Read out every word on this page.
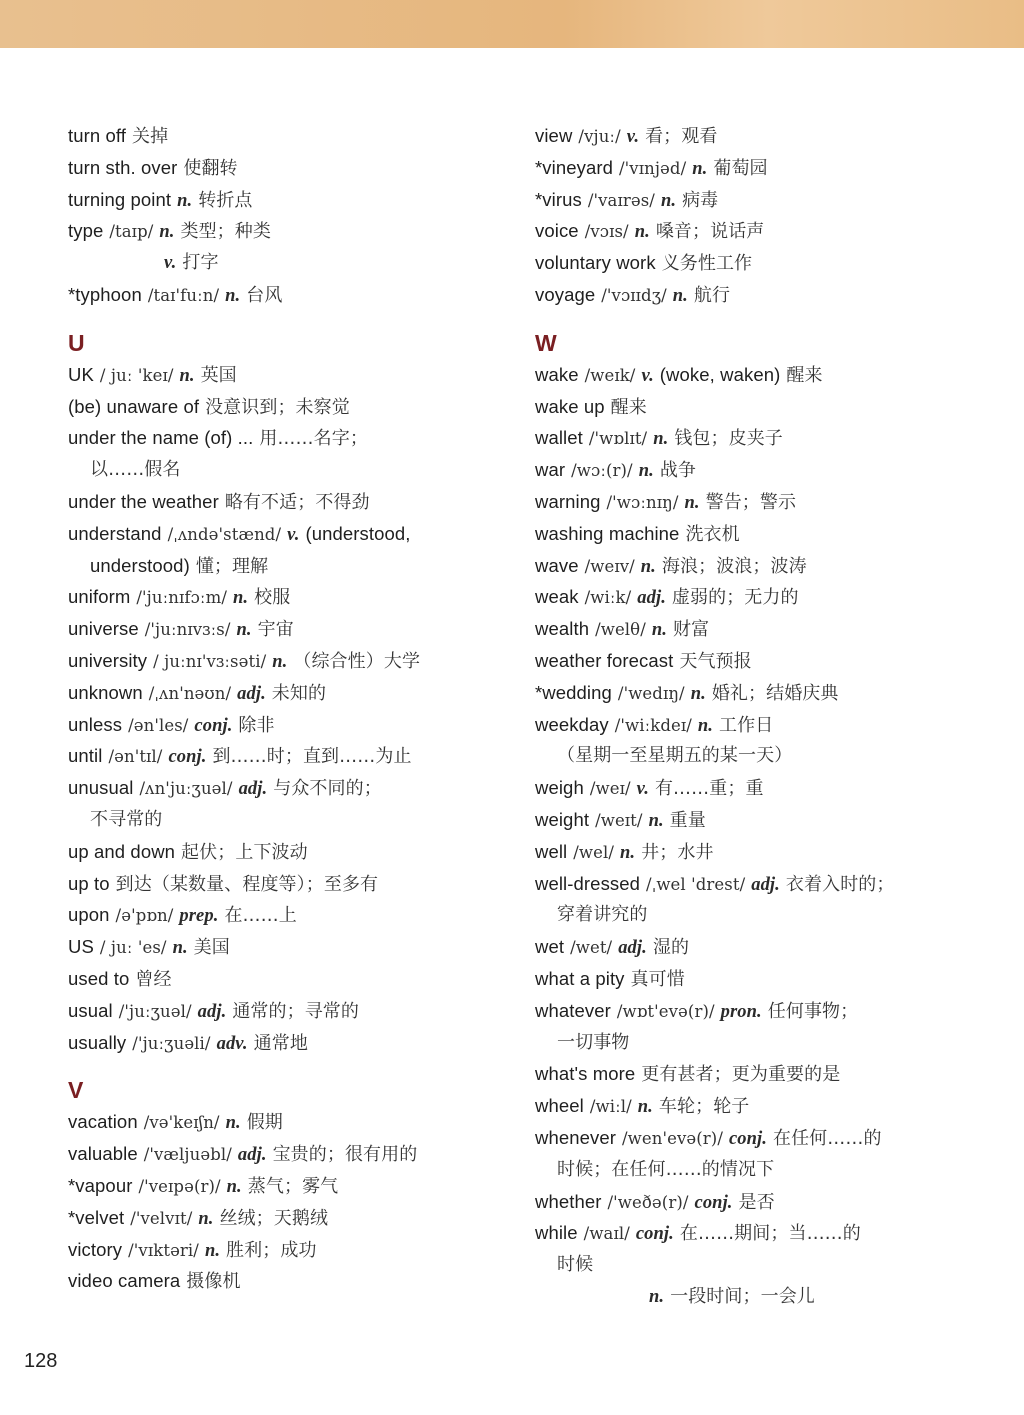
turn off 关掉
turn sth. over 使翻转
turning point n. 转折点
type /taɪp/ n. 类型；种类
v. 打字
*typhoon /taɪ'fuːn/ n. 台风
U
UK / juː 'keɪ/ n. 英国
(be) unaware of 没意识到；未察觉
under the name (of) ... 用……名字；
以……假名
under the weather 略有不适；不得劲
understand /ˌʌndə'stænd/ v. (understood,
understood) 懂；理解
uniform /'juːnɪfɔːm/ n. 校服
universe /'juːnɪvɜːs/ n. 宇宙
university / juːnɪ'vɜːsəti/ n. （综合性）大学
unknown /ˌʌn'nəʊn/ adj. 未知的
unless /ən'les/ conj. 除非
until /ən'tɪl/ conj. 到……时；直到……为止
unusual /ʌn'juːʒuəl/ adj. 与众不同的；
不寻常的
up and down 起伏；上下波动
up to 到达（某数量、程度等）；至多有
upon /ə'pɒn/ prep. 在……上
US / juː 'es/ n. 美国
used to 曾经
usual /'juːʒuəl/ adj. 通常的；寻常的
usually /'juːʒuəli/ adv. 通常地
V
vacation /və'keɪʃn/ n. 假期
valuable /'væljuəbl/ adj. 宝贵的；很有用的
*vapour /'veɪpə(r)/ n. 蒸气；雾气
*velvet /'velvɪt/ n. 丝绒；天鹅绒
victory /'vɪktəri/ n. 胜利；成功
video camera 摄像机
view /vjuː/ v. 看；观看
*vineyard /'vɪnjəd/ n. 葡萄园
*virus /'vaɪrəs/ n. 病毒
voice /vɔɪs/ n. 嗓音；说话声
voluntary work 义务性工作
voyage /'vɔɪɪdʒ/ n. 航行
W
wake /weɪk/ v. (woke, waken) 醒来
wake up 醒来
wallet /'wɒlɪt/ n. 钱包；皮夹子
war /wɔː(r)/ n. 战争
warning /'wɔːnɪŋ/ n. 警告；警示
washing machine 洗衣机
wave /weɪv/ n. 海浪；波浪；波涛
weak /wiːk/ adj. 虚弱的；无力的
wealth /welθ/ n. 财富
weather forecast 天气预报
*wedding /'wedɪŋ/ n. 婚礼；结婚庆典
weekday /'wiːkdeɪ/ n. 工作日
（星期一至星期五的某一天）
weigh /weɪ/ v. 有……重；重
weight /weɪt/ n. 重量
well /wel/ n. 井；水井
well-dressed /ˌwel 'drest/ adj. 衣着入时的；
穿着讲究的
wet /wet/ adj. 湿的
what a pity 真可惜
whatever /wɒt'evə(r)/ pron. 任何事物；
一切事物
what's more 更有甚者；更为重要的是
wheel /wiːl/ n. 车轮；轮子
whenever /wen'evə(r)/ conj. 在任何……的
时候；在任何……的情况下
whether /'weðə(r)/ conj. 是否
while /waɪl/ conj. 在……期间；当……的
时候
n. 一段时间；一会儿
128
